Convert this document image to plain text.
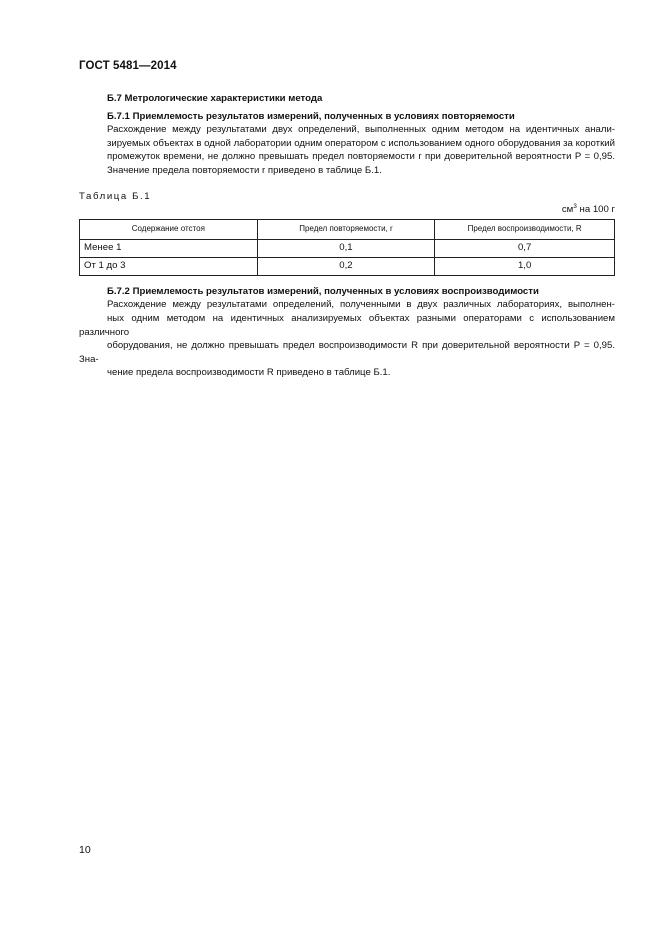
ГОСТ 5481—2014
Б.7 Метрологические характеристики метода
Б.7.1 Приемлемость результатов измерений, полученных в условиях повторяемости
Расхождение между результатами двух определений, выполненных одним методом на идентичных анали-
зируемых объектах в одной лаборатории одним оператором с использованием одного оборудования за короткий
промежуток времени, не должно превышать предел повторяемости r при доверительной вероятности P = 0,95.
Значение предела повторяемости r приведено в таблице Б.1.
Таблица Б.1
$см^3$ на 100 г
Содержание отстоя	Предел повторяемости, r	Предел воспроизводимости, R
Менее 1	0,1	0,7
От 1 до 3	0,2	1,0
Б.7.2 Приемлемость результатов измерений, полученных в условиях воспроизводимости
Расхождение между результатами определений, полученными в двух различных лабораториях, выполнен-
ных одним методом на идентичных анализируемых объектах разными операторами с использованием различного
оборудования, не должно превышать предел воспроизводимости R при доверительной вероятности P = 0,95. Зна-
чение предела воспроизводимости R приведено в таблице Б.1.
10
